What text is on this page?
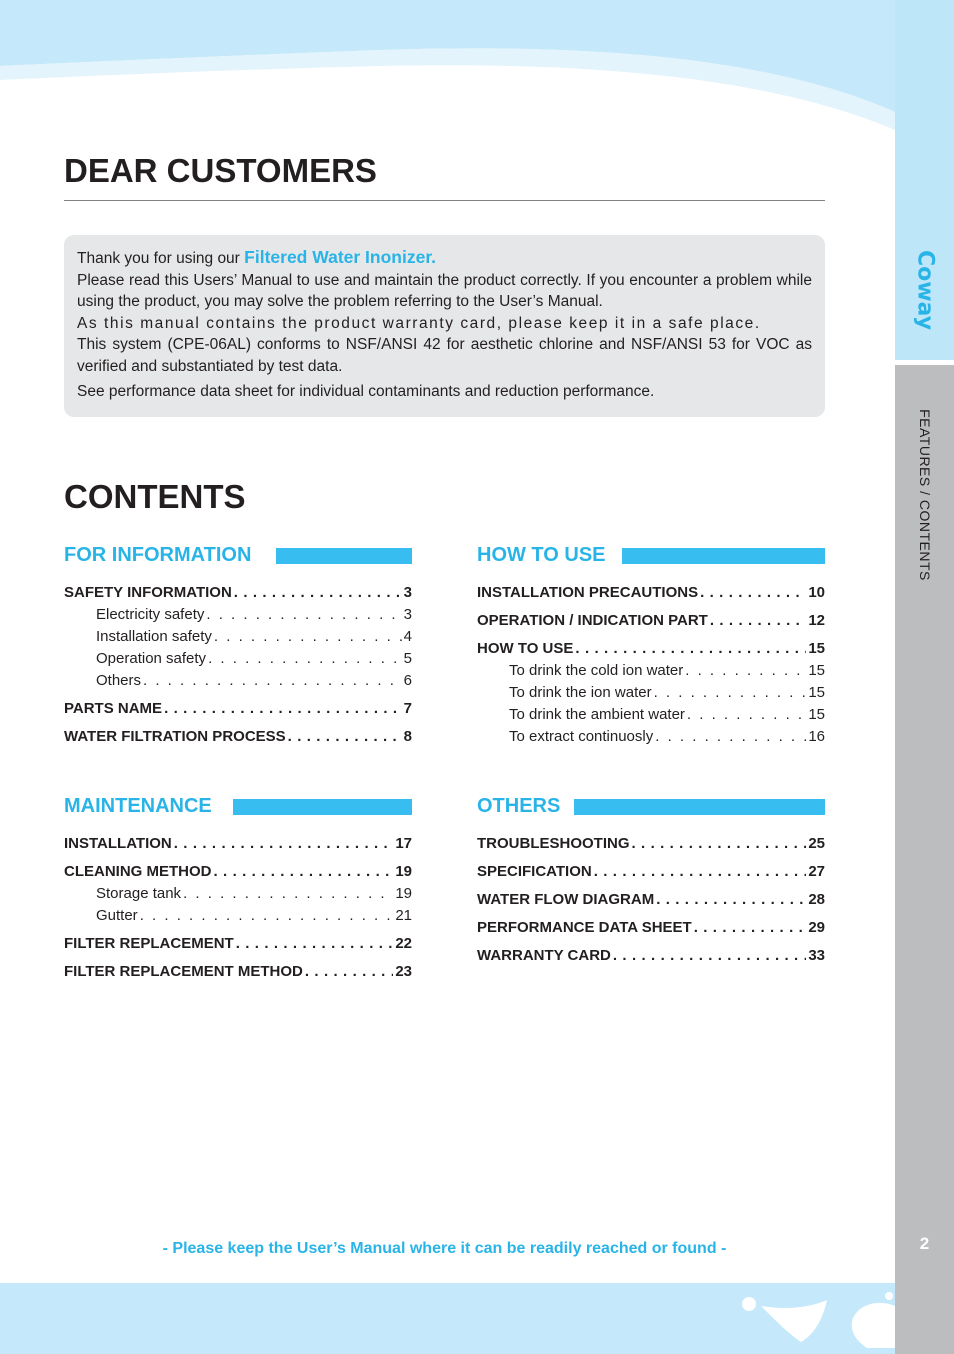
Coway
FEATURES / CONTENTS
2
DEAR CUSTOMERS

Thank you for using our Filtered Water Inonizer.

Please read this Users’ Manual to use and maintain the product correctly. If you encounter a problem while using the product, you may solve the problem referring to the User’s Manual.

As this manual contains the product warranty card, please keep it in a safe place.

This system (CPE-06AL) conforms to NSF/ANSI 42 for aesthetic chlorine and NSF/ANSI 53 for VOC as verified and substantiated by test data.

See performance data sheet for individual contaminants and reduction performance.

CONTENTS
FOR INFORMATION
SAFETY INFORMATION . . .	3
Electricity safety . . .	3
Installation safety . . .	4
Operation safety . . .	5
Others . . .	6
PARTS NAME . . .	7
WATER FILTRATION PROCESS . . .	8
HOW TO USE
INSTALLATION PRECAUTIONS . . .	10
OPERATION / INDICATION PART . . .	12
HOW TO USE . . .	15
To drink the cold ion water . . .	15
To drink the ion water . . .	15
To drink the ambient water . . .	15
To extract continuosly . . .	16
MAINTENANCE
INSTALLATION . . .	17
CLEANING METHOD . . .	19
Storage tank . . .	19
Gutter . . .	21
FILTER REPLACEMENT . . .	22
FILTER REPLACEMENT METHOD . . .	23
OTHERS
TROUBLESHOOTING . . .	25
SPECIFICATION . . .	27
WATER FLOW DIAGRAM . . .	28
PERFORMANCE DATA SHEET . . .	29
WARRANTY CARD . . .	33
- Please keep the User’s Manual where it can be readily reached or found -
